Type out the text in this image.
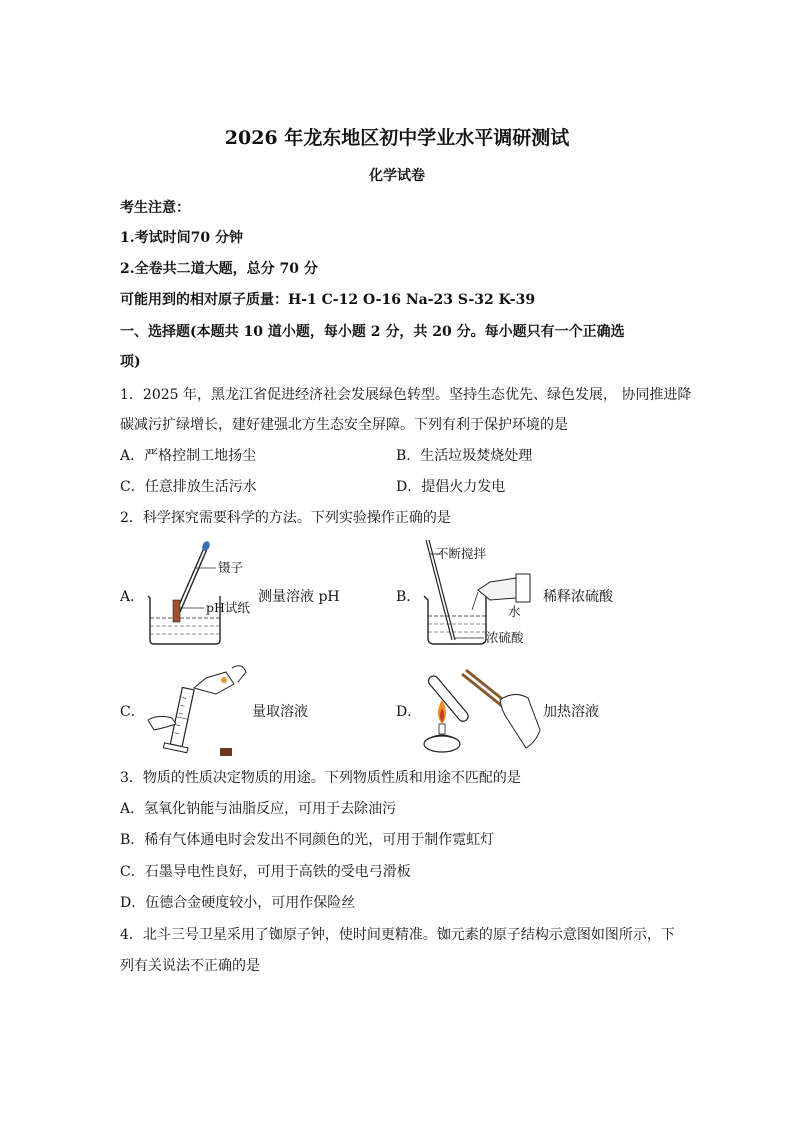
2026 年龙东地区初中学业水平调研测试
化学试卷
考生注意：
1.考试时间70 分钟
2.全卷共二道大题，总分 70 分
可能用到的相对原子质量：H-1 C-12 O-16 Na-23 S-32 K-39
一、选择题(本题共 10 道小题，每小题 2 分，共 20 分。每小题只有一个正确选
项)
1．2025 年，黑龙江省促进经济社会发展绿色转型。坚持生态优先、绿色发展， 协同推进降
碳减污扩绿增长，建好建强北方生态安全屏障。下列有利于保护环境的是
A．严格控制工地扬尘	B．生活垃圾焚烧处理
C．任意排放生活污水	D．提倡火力发电
2．科学探究需要科学的方法。下列实验操作正确的是
A．
镊子
pH试纸
测量溶液 pH	B．
不断搅拌
水
浓硫酸
稀释浓硫酸
C．	量取溶液	D．	加热溶液
3．物质的性质决定物质的用途。下列物质性质和用途不匹配的是
A．氢氧化钠能与油脂反应，可用于去除油污
B．稀有气体通电时会发出不同颜色的光，可用于制作霓虹灯
C．石墨导电性良好，可用于高铁的受电弓滑板
D．伍德合金硬度较小，可用作保险丝
4．北斗三号卫星采用了铷原子钟，使时间更精准。铷元素的原子结构示意图如图所示，下
列有关说法不正确的是
